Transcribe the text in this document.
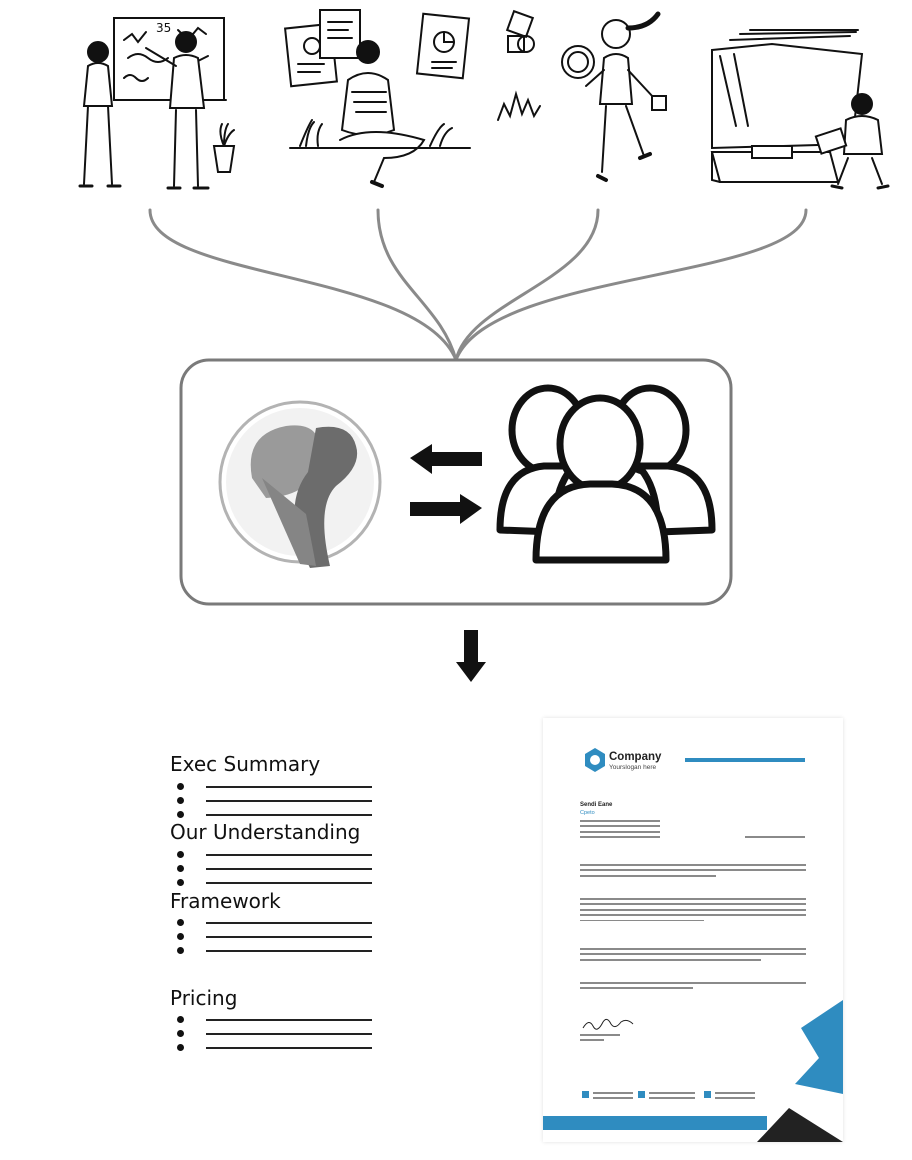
35
Exec Summary
Our Understanding
Framework
Pricing
Company
Yourslogan here
Sendi Eane
Cpeto
